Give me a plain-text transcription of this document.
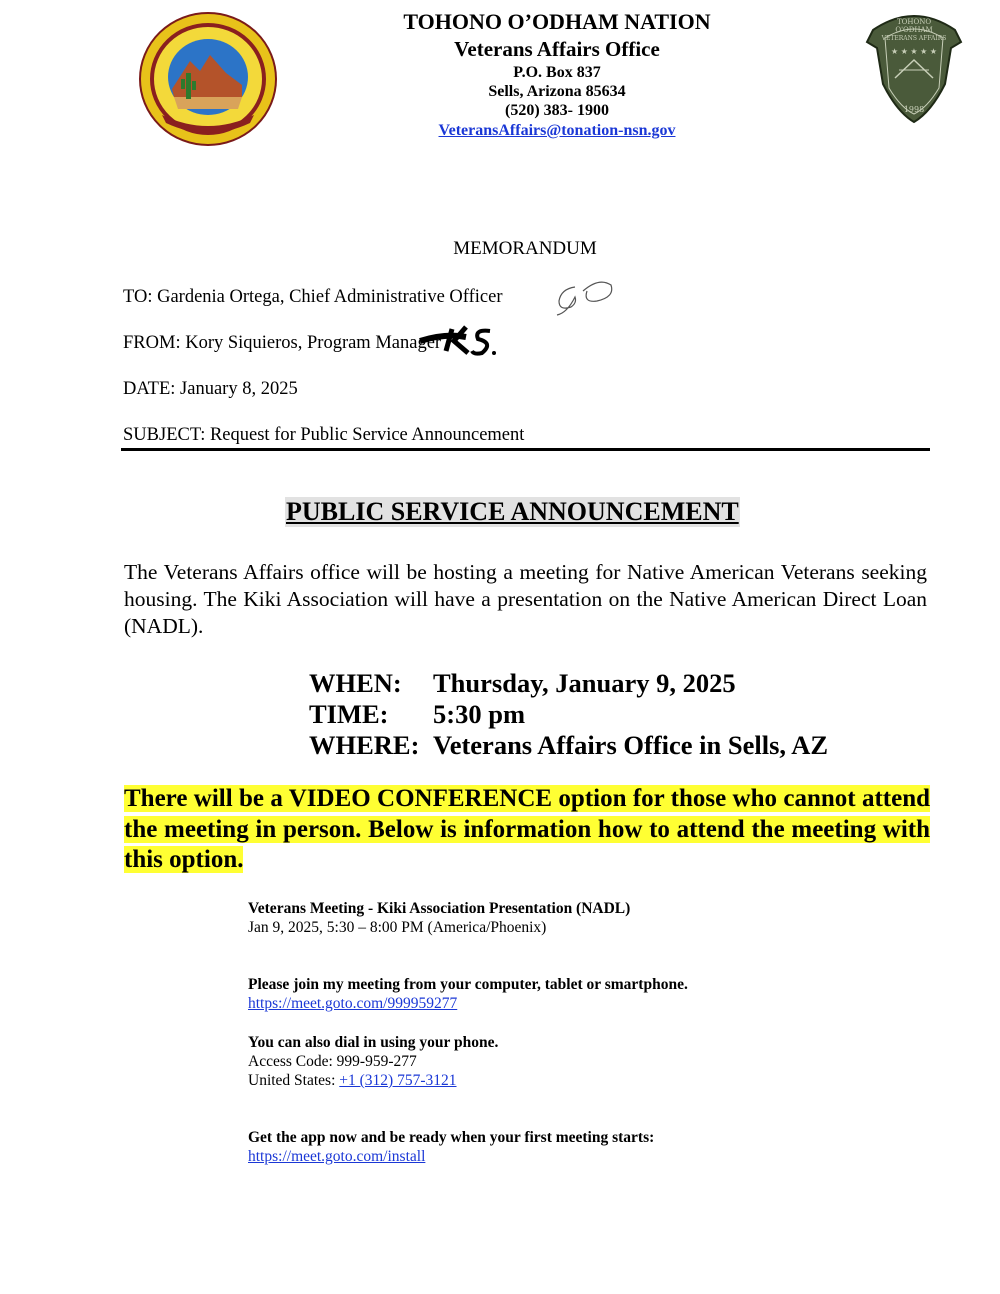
TOHONO O’ODHAM NATION
Veterans Affairs Office
P.O. Box 837
Sells, Arizona 85634
(520) 383- 1900
VeteransAffairs@tonation-nsn.gov
TOHONO
O'ODHAM
VETERANS AFFAIRS
1998
★ ★ ★ ★ ★
MEMORANDUM
TO: Gardenia Ortega, Chief Administrative Officer
FROM: Kory Siquieros, Program Manager
DATE: January 8, 2025
SUBJECT: Request for Public Service Announcement
PUBLIC SERVICE ANNOUNCEMENT
The Veterans Affairs office will be hosting a meeting for Native American Veterans seeking housing. The Kiki Association will have a presentation on the Native American Direct Loan (NADL).
WHEN: Thursday, January 9, 2025
TIME: 5:30 pm
WHERE: Veterans Affairs Office in Sells, AZ
There will be a VIDEO CONFERENCE option for those who cannot attend the meeting in person. Below is information how to attend the meeting with this option.
Veterans Meeting - Kiki Association Presentation (NADL)
Jan 9, 2025, 5:30 – 8:00 PM (America/Phoenix)
Please join my meeting from your computer, tablet or smartphone.
https://meet.goto.com/999959277
You can also dial in using your phone.
Access Code: 999-959-277
United States: +1 (312) 757-3121
Get the app now and be ready when your first meeting starts:
https://meet.goto.com/install
